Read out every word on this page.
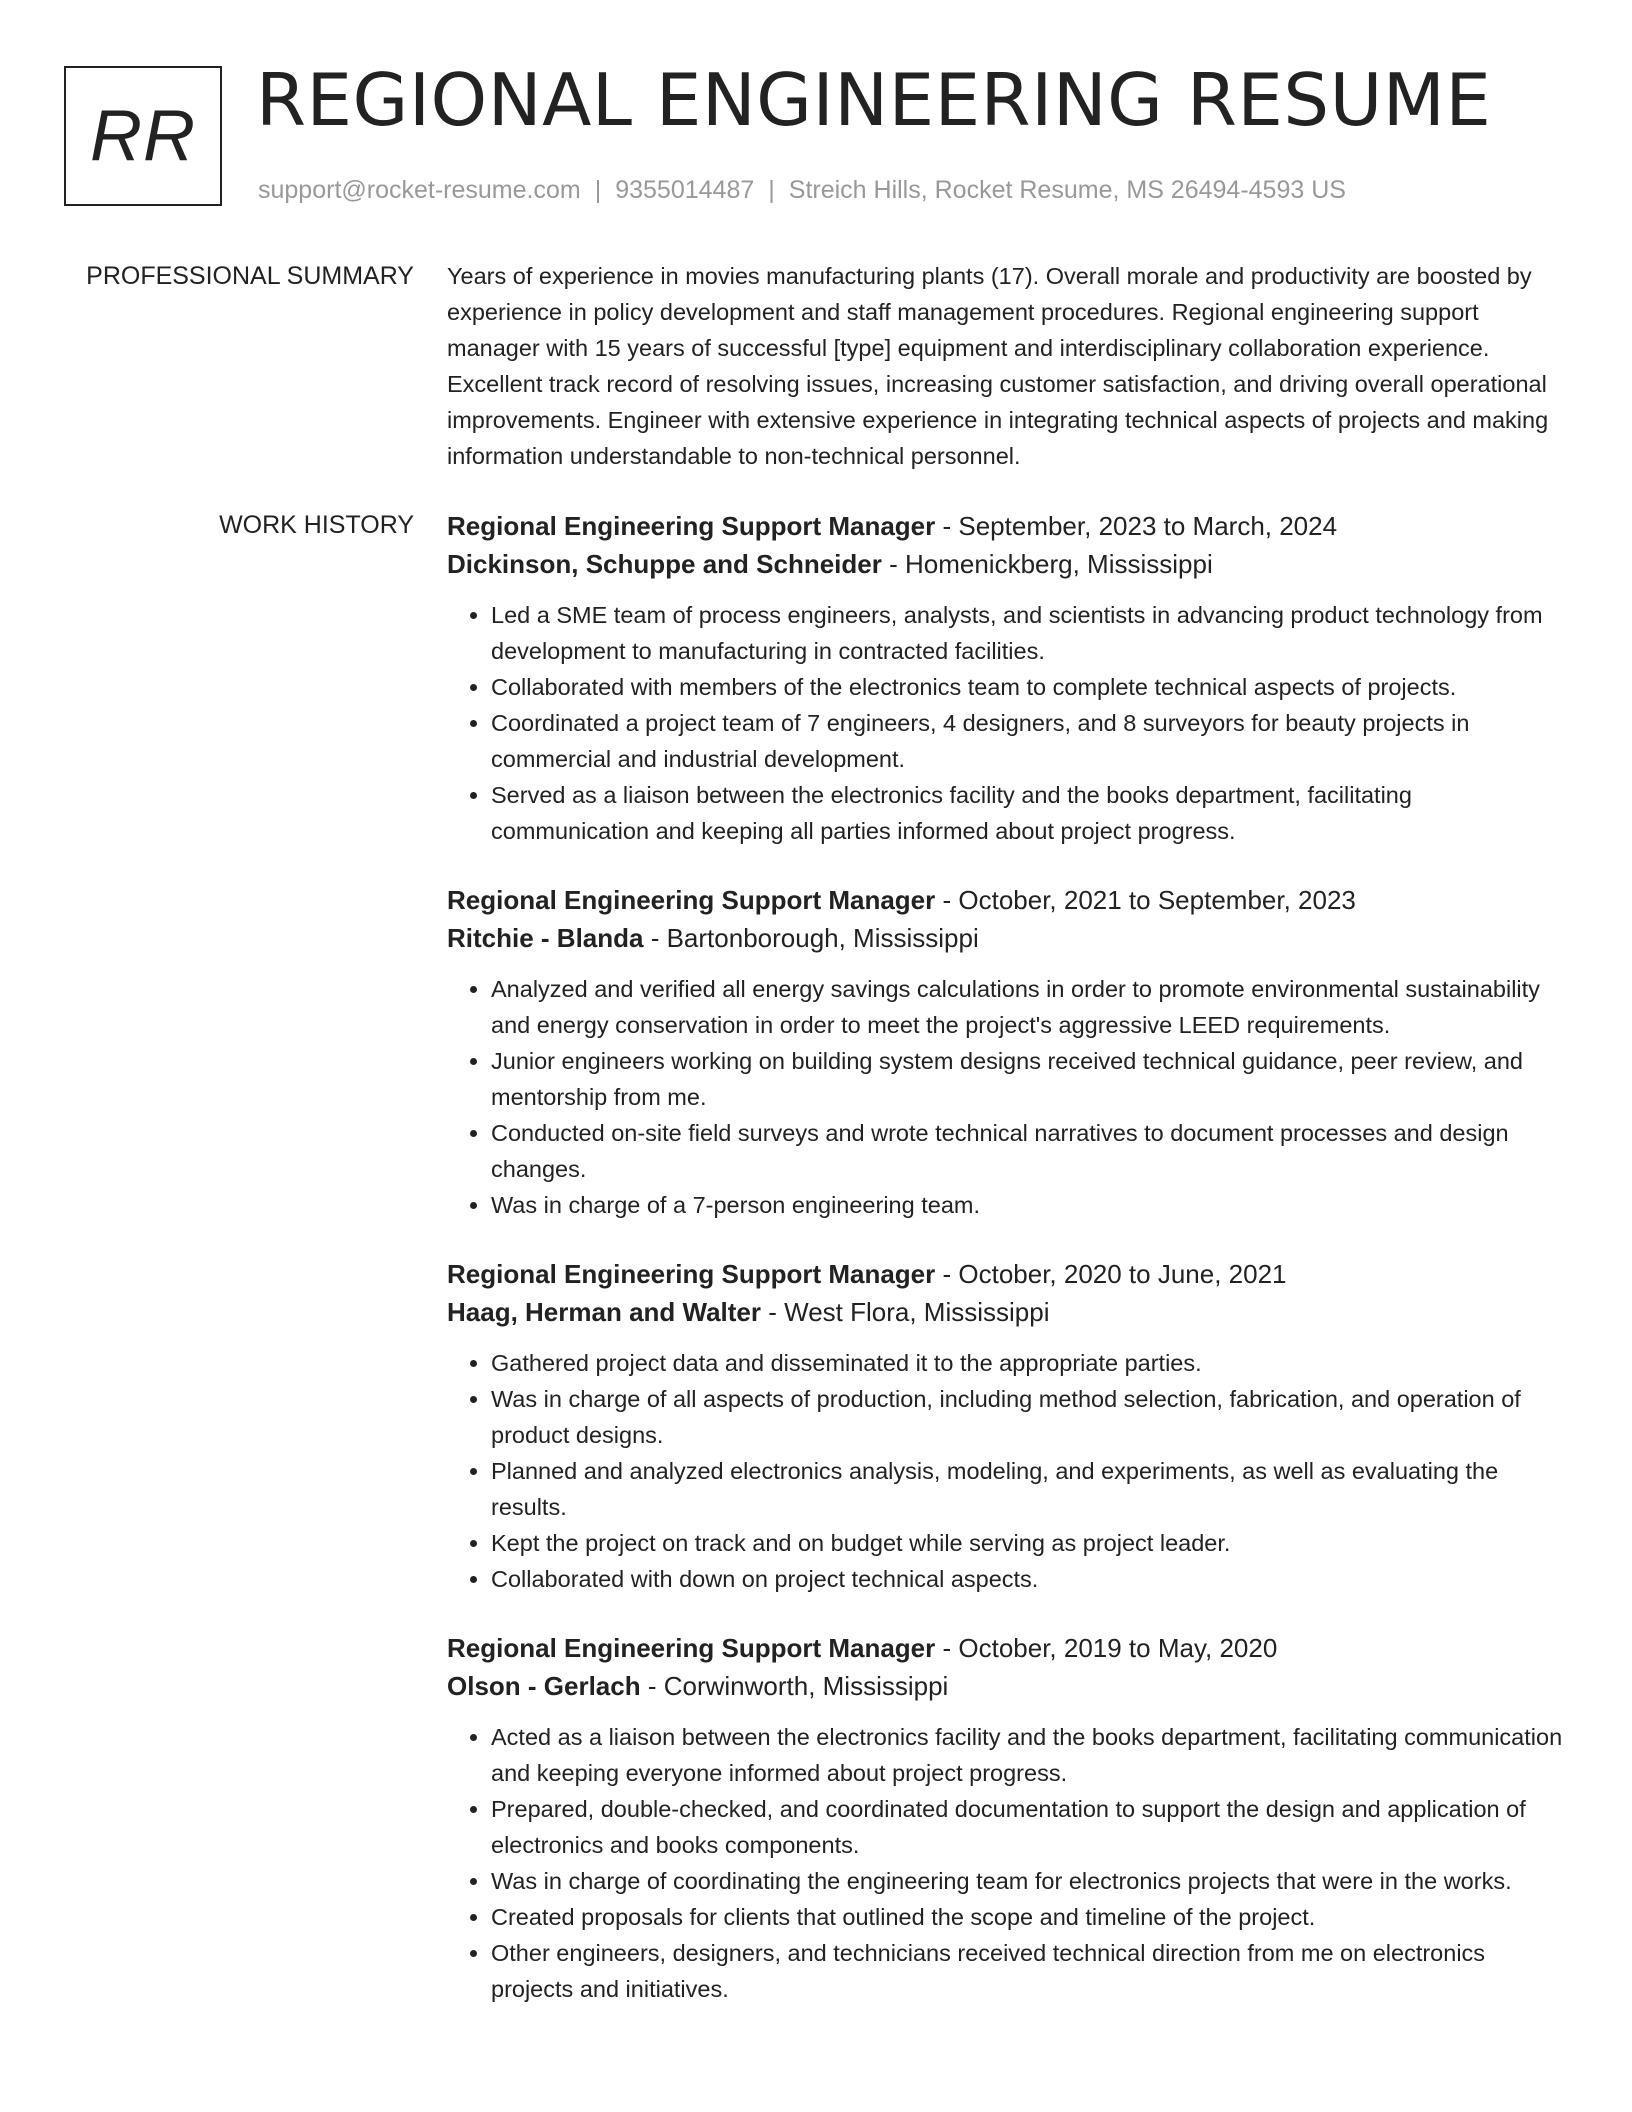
RR REGIONAL ENGINEERING RESUME
support@rocket-resume.com | 9355014487 | Streich Hills, Rocket Resume, MS 26494-4593 US
PROFESSIONAL SUMMARY Years of experience in movies manufacturing plants (17). Overall morale and productivity are boosted by experience in policy development and staff management procedures. Regional engineering support manager with 15 years of successful [type] equipment and interdisciplinary collaboration experience. Excellent track record of resolving issues, increasing customer satisfaction, and driving overall operational improvements. Engineer with extensive experience in integrating technical aspects of projects and making information understandable to non-technical personnel.

WORK HISTORY Regional Engineering Support Manager - September, 2023 to March, 2024
Dickinson, Schuppe and Schneider - Homenickberg, Mississippi
• Led a SME team of process engineers, analysts, and scientists in advancing product technology from development to manufacturing in contracted facilities.
• Collaborated with members of the electronics team to complete technical aspects of projects.
• Coordinated a project team of 7 engineers, 4 designers, and 8 surveyors for beauty projects in commercial and industrial development.
• Served as a liaison between the electronics facility and the books department, facilitating communication and keeping all parties informed about project progress.
Regional Engineering Support Manager - October, 2021 to September, 2023
Ritchie - Blanda - Bartonborough, Mississippi
• Analyzed and verified all energy savings calculations in order to promote environmental sustainability and energy conservation in order to meet the project's aggressive LEED requirements.
• Junior engineers working on building system designs received technical guidance, peer review, and mentorship from me.
• Conducted on-site field surveys and wrote technical narratives to document processes and design changes.
• Was in charge of a 7-person engineering team.
Regional Engineering Support Manager - October, 2020 to June, 2021
Haag, Herman and Walter - West Flora, Mississippi
• Gathered project data and disseminated it to the appropriate parties.
• Was in charge of all aspects of production, including method selection, fabrication, and operation of product designs.
• Planned and analyzed electronics analysis, modeling, and experiments, as well as evaluating the results.
• Kept the project on track and on budget while serving as project leader.
• Collaborated with down on project technical aspects.
Regional Engineering Support Manager - October, 2019 to May, 2020
Olson - Gerlach - Corwinworth, Mississippi
• Acted as a liaison between the electronics facility and the books department, facilitating communication and keeping everyone informed about project progress.
• Prepared, double-checked, and coordinated documentation to support the design and application of electronics and books components.
• Was in charge of coordinating the engineering team for electronics projects that were in the works.
• Created proposals for clients that outlined the scope and timeline of the project.
• Other engineers, designers, and technicians received technical direction from me on electronics projects and initiatives.
